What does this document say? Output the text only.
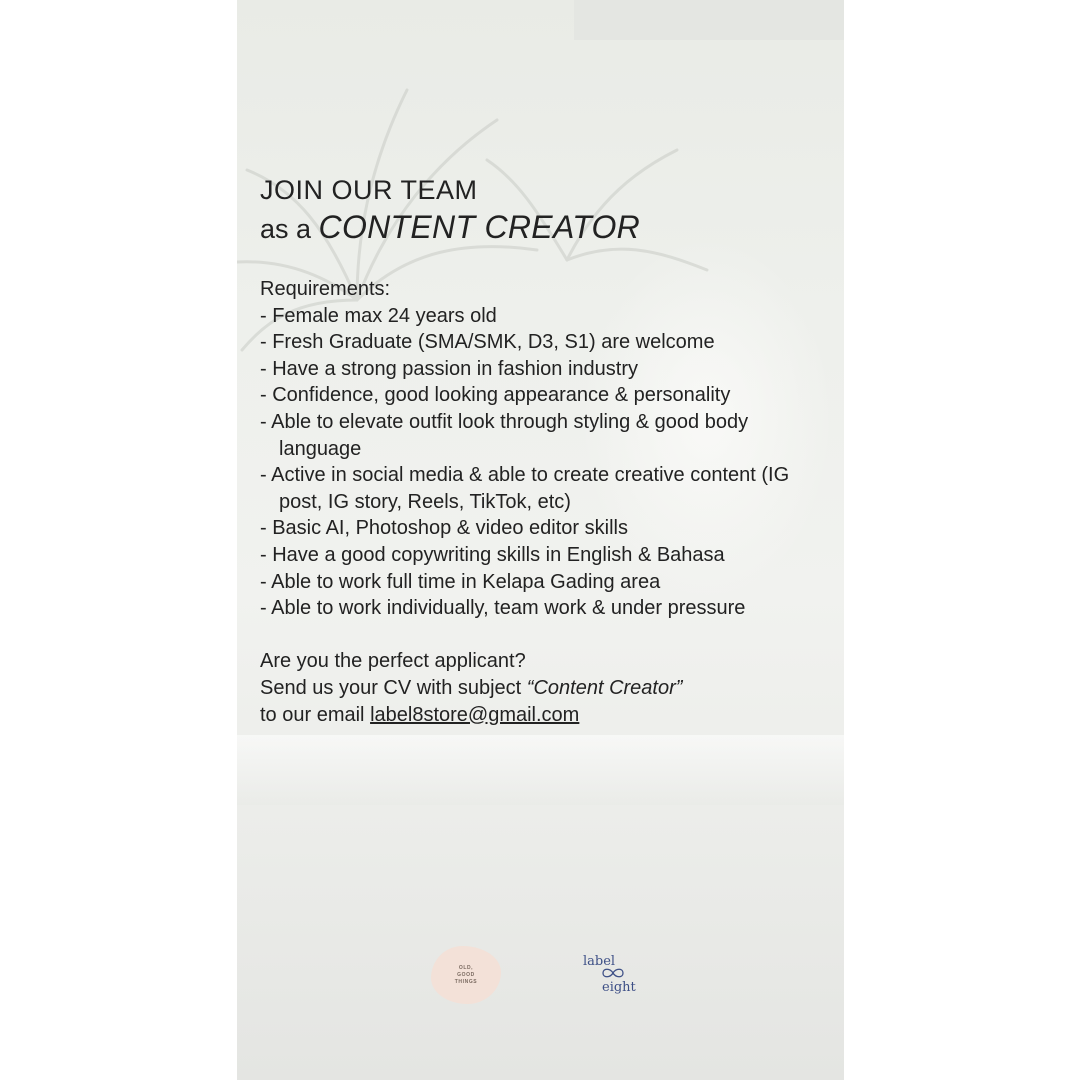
JOIN OUR TEAM

as a CONTENT CREATOR

Requirements:

- Female max 24 years old
- Fresh Graduate (SMA/SMK, D3, S1) are welcome
- Have a strong passion in fashion industry
- Confidence, good looking appearance & personality
- Able to elevate outfit look through styling & good body language
- Active in social media & able to create creative content (IG post, IG story, Reels, TikTok, etc)
- Basic AI, Photoshop & video editor skills
- Have a good copywriting skills in English & Bahasa
- Able to work full time in Kelapa Gading area
- Able to work individually, team work & under pressure

Are you the perfect applicant?

Send us your CV with subject “Content Creator”

to our email label8store@gmail.com

OLD,
GOOD
THINGS
label
eight
